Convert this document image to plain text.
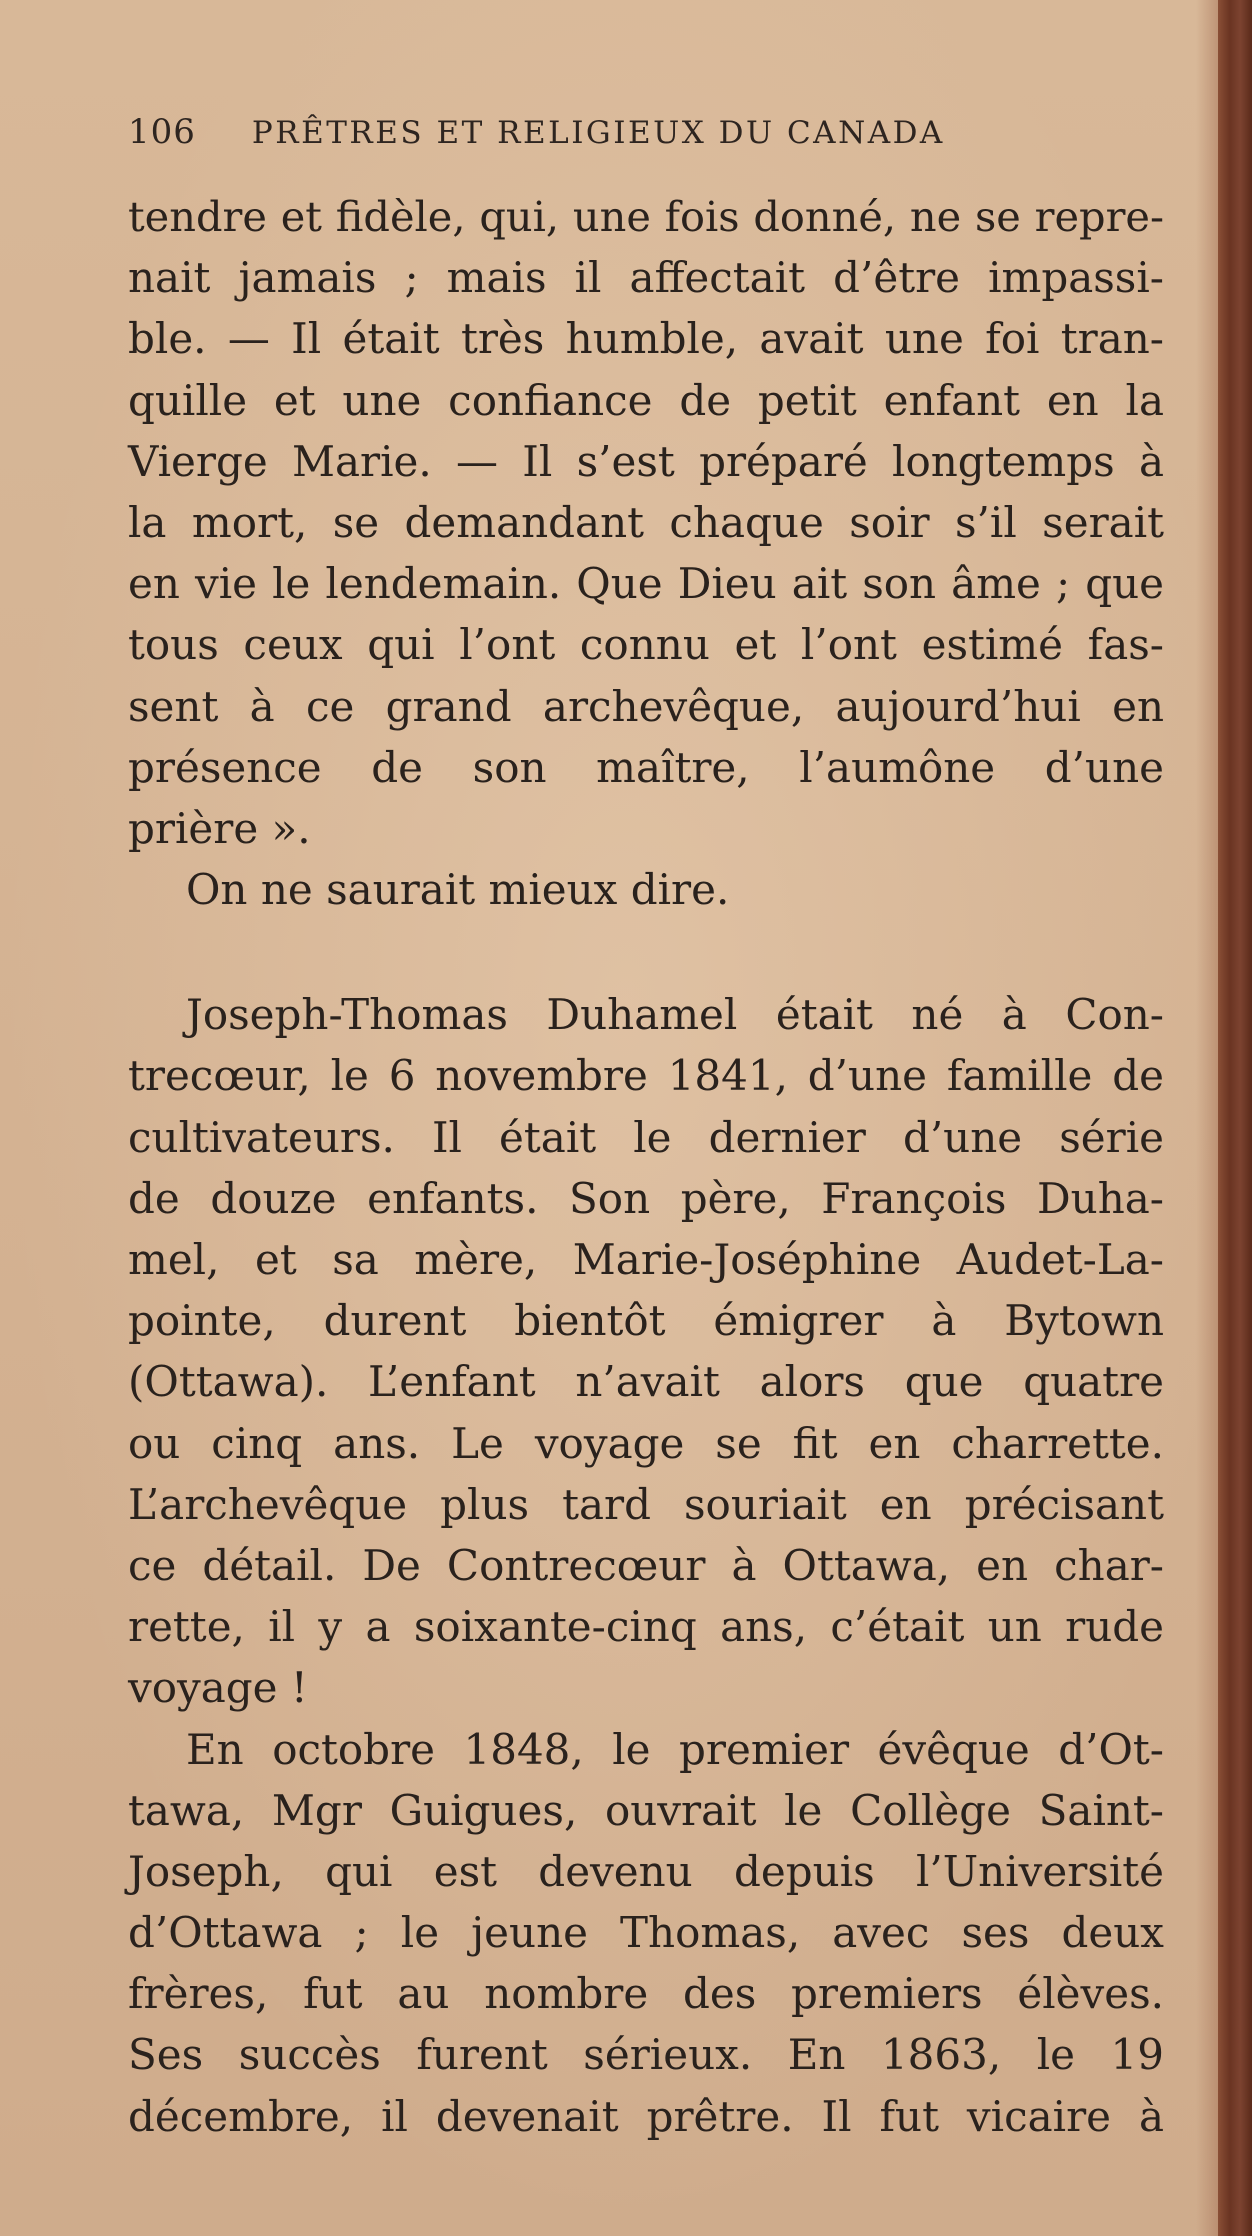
106 PRÊTRES ET RELIGIEUX DU CANADA
tendre et fidèle, qui, une fois donné, ne se repre-
nait jamais ; mais il affectait d’être impassi-
ble. — Il était très humble, avait une foi tran-
quille et une confiance de petit enfant en la
Vierge Marie. — Il s’est préparé longtemps à
la mort, se demandant chaque soir s’il serait
en vie le lendemain. Que Dieu ait son âme ; que
tous ceux qui l’ont connu et l’ont estimé fas-
sent à ce grand archevêque, aujourd’hui en
présence de son maître, l’aumône d’une
prière ».
On ne saurait mieux dire.
Joseph-Thomas Duhamel était né à Con-
trecœur, le 6 novembre 1841, d’une famille de
cultivateurs. Il était le dernier d’une série
de douze enfants. Son père, François Duha-
mel, et sa mère, Marie-Joséphine Audet-La-
pointe, durent bientôt émigrer à Bytown
(Ottawa). L’enfant n’avait alors que quatre
ou cinq ans. Le voyage se fit en charrette.
L’archevêque plus tard souriait en précisant
ce détail. De Contrecœur à Ottawa, en char-
rette, il y a soixante-cinq ans, c’était un rude
voyage !
En octobre 1848, le premier évêque d’Ot-
tawa, Mgr Guigues, ouvrait le Collège Saint-
Joseph, qui est devenu depuis l’Université
d’Ottawa ; le jeune Thomas, avec ses deux
frères, fut au nombre des premiers élèves.
Ses succès furent sérieux. En 1863, le 19
décembre, il devenait prêtre. Il fut vicaire à
